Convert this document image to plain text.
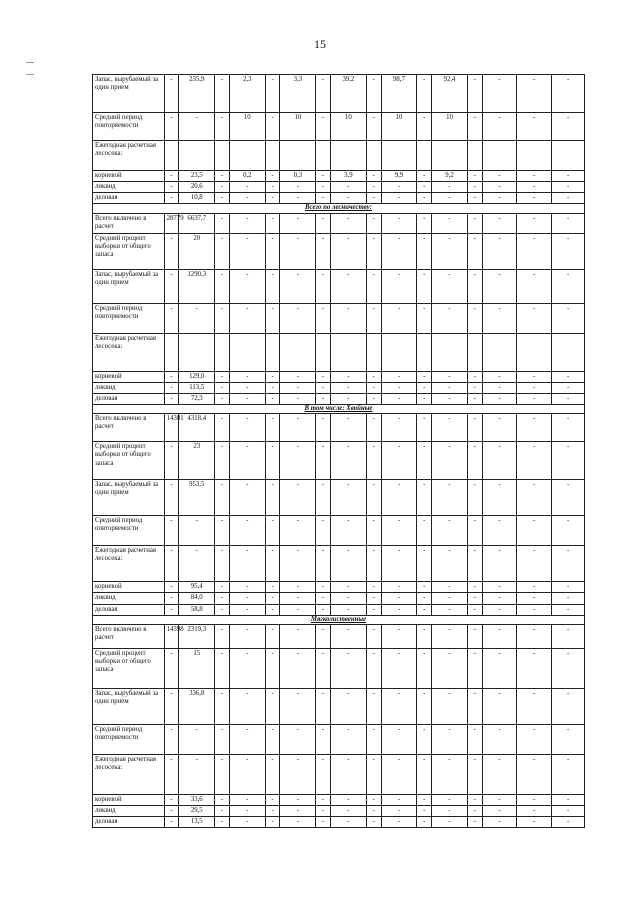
15
Запас, вырубаемый за один прием	-	235,9	-	2,3	-	3,3	-	39,2	-	98,7	-	92,4	-	-	-	-
Средний период повторяемости	-	-	-	10	-	10	-	10	-	10	-	10	-	-	-	-
Ежегодная расчетная лесосека:																
корневой	-	23,5	-	0,2	-	0,3	-	3,9	-	9,9	-	9,2	-	-	-	-
ликвид	-	20,6	-	-	-	-	-	-	-	-	-	-	-	-	-	-
деловая	-	10,8	-	-	-	-	-	-	-	-	-	-	-	-	-	-
Всего по лесничеству:																
Всего включено в расчет	28779	6637,7	-	-	-	-	-	-	-	-	-	-	-	-	-	-
Средний процент выборки от общего запаса	-	20	-	-	-	-	-	-	-	-	-	-	-	-	-	-
Запас, вырубаемый за один прием	-	1290,3	-	-	-	-	-	-	-	-	-	-	-	-	-	-
Средний период повторяемости	-	-	-	-	-	-	-	-	-	-	-	-	-	-	-	-
Ежегодная расчетная лесосека:																
корневой	-	129,0	-	-	-	-	-	-	-	-	-	-	-	-	-	-
ликвид	-	113,5	-	-	-	-	-	-	-	-	-	-	-	-	-	-
деловая	-	72,3	-	-	-	-	-	-	-	-	-	-	-	-	-	-
В том числе: Хвойные																
Всего включено в расчет	14381	4318,4	-	-	-	-	-	-	-	-	-	-	-	-	-	-
Средний процент выборки от общего запаса	-	23	-	-	-	-	-	-	-	-	-	-	-	-	-	-
Запас, вырубаемый за один прием	-	953,5	-	-	-	-	-	-	-	-	-	-	-	-	-	-
Средний период повторяемости	-	-	-	-	-	-	-	-	-	-	-	-	-	-	-	-
Ежегодная расчетная лесосека:	-	-	-	-	-	-	-	-	-	-	-	-	-	-	-	-
корневой	-	95,4	-	-	-	-	-	-	-	-	-	-	-	-	-	-
ликвид	-	84,0	-	-	-	-	-	-	-	-	-	-	-	-	-	-
деловая	-	58,8	-	-	-	-	-	-	-	-	-	-	-	-	-	-
Мягколиственные																
Всего включено в расчет	14398	2319,3	-	-	-	-	-	-	-	-	-	-	-	-	-	-
Средний процент выборки от общего запаса	-	15	-	-	-	-	-	-	-	-	-	-	-	-	-	-
Запас, вырубаемый за один прием	-	336,8	-	-	-	-	-	-	-	-	-	-	-	-	-	-
Средний период повторяемости	-	-	-	-	-	-	-	-	-	-	-	-	-	-	-	-
Ежегодная расчетная лесосека:	-	-	-	-	-	-	-	-	-	-	-	-	-	-	-	-
корневой	-	33,6	-	-	-	-	-	-	-	-	-	-	-	-	-	-
ликвид	-	29,5	-	-	-	-	-	-	-	-	-	-	-	-	-	-
деловая	-	13,5	-	-	-	-	-	-	-	-	-	-	-	-	-	-
